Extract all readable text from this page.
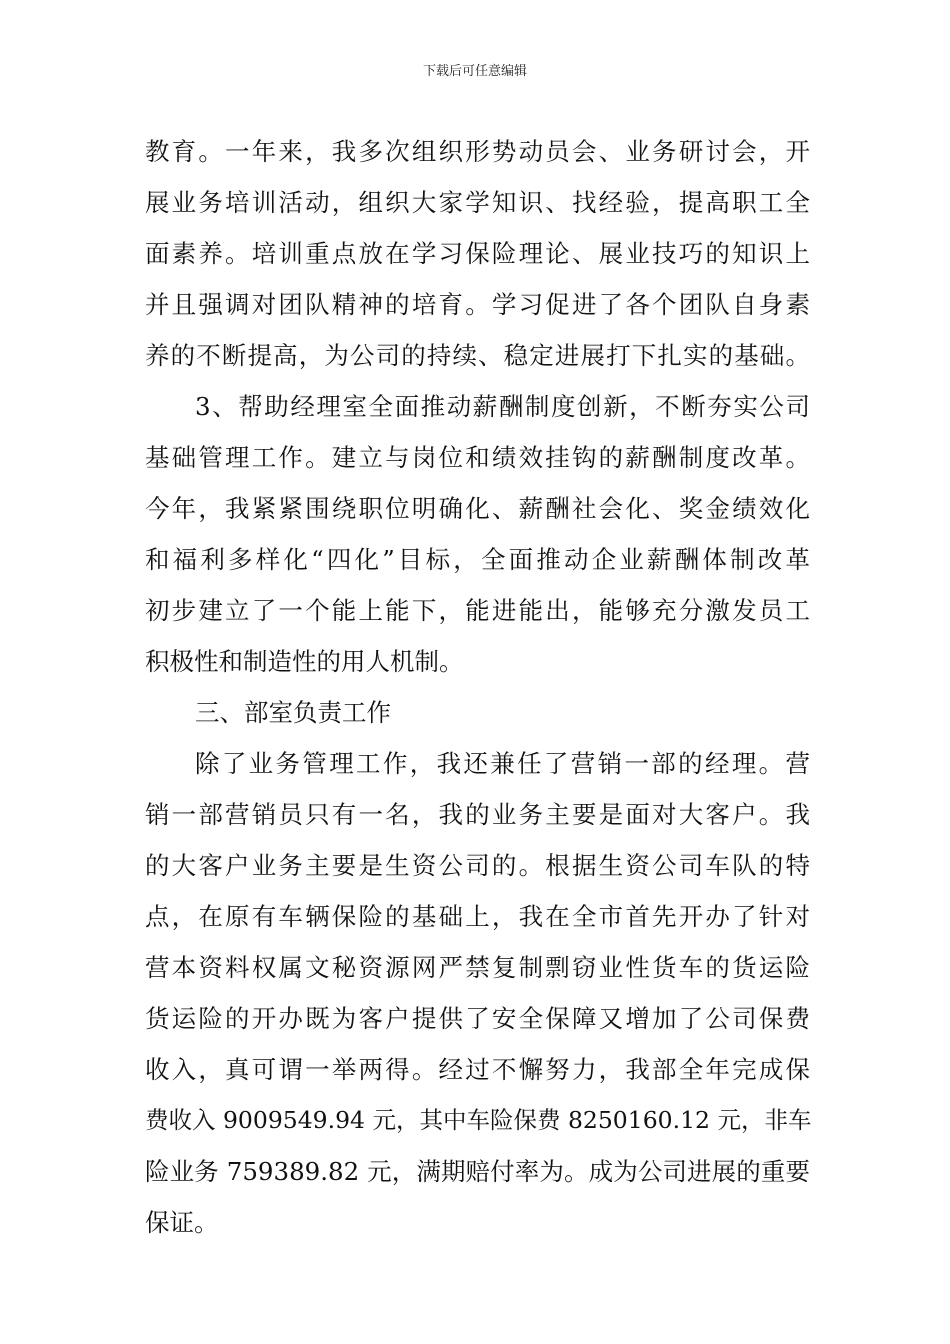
下载后可任意编辑
教育。一年来，我多次组织形势动员会、业务研讨会，开
展业务培训活动，组织大家学知识、找经验，提高职工全
面素养。培训重点放在学习保险理论、展业技巧的知识上
并且强调对团队精神的培育。学习促进了各个团队自身素
养的不断提高，为公司的持续、稳定进展打下扎实的基础。
3、帮助经理室全面推动薪酬制度创新，不断夯实公司
基础管理工作。建立与岗位和绩效挂钩的薪酬制度改革。
今年，我紧紧围绕职位明确化、薪酬社会化、奖金绩效化
和福利多样化“四化”目标，全面推动企业薪酬体制改革
初步建立了一个能上能下，能进能出，能够充分激发员工
积极性和制造性的用人机制。
三、部室负责工作
除了业务管理工作，我还兼任了营销一部的经理。营
销一部营销员只有一名，我的业务主要是面对大客户。我
的大客户业务主要是生资公司的。根据生资公司车队的特
点，在原有车辆保险的基础上，我在全市首先开办了针对
营本资料权属文秘资源网严禁复制剽窃业性货车的货运险
货运险的开办既为客户提供了安全保障又增加了公司保费
收入，真可谓一举两得。经过不懈努力，我部全年完成保
费收入 9009549.94 元，其中车险保费 8250160.12 元，非车
险业务 759389.82 元，满期赔付率为。成为公司进展的重要
保证。
